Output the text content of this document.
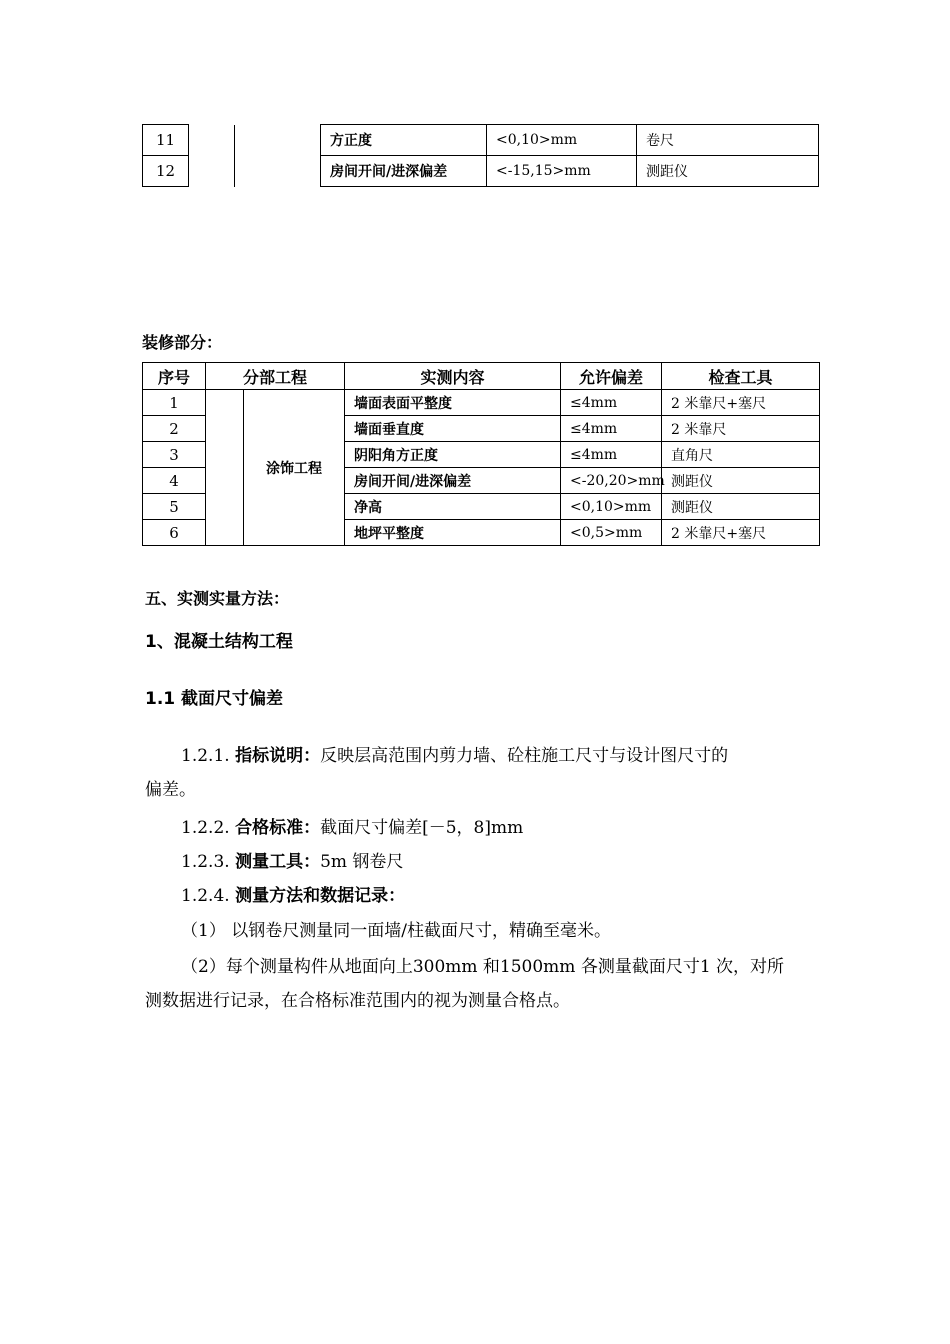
11			方正度	<0,10>mm	卷尺
12			房间开间/进深偏差	<-15,15>mm	测距仪
装修部分：
序号	分部工程		实测内容	允许偏差	检查工具
1		涂饰工程	墙面表面平整度	≤4mm	2 米靠尺+塞尺
2			墙面垂直度	≤4mm	2 米靠尺
3			阴阳角方正度	≤4mm	直角尺
4			房间开间/进深偏差	<-20,20>mm	测距仪
5			净高	<0,10>mm	测距仪
6			地坪平整度	<0,5>mm	2 米靠尺+塞尺
五、实测实量方法：
1、混凝土结构工程
1.1 截面尺寸偏差
1.2.1. 指标说明：反映层高范围内剪力墙、砼柱施工尺寸与设计图尺寸的
偏差。
1.2.2. 合格标准：截面尺寸偏差[－5，8]mm
1.2.3. 测量工具：5m 钢卷尺
1.2.4. 测量方法和数据记录：
（1） 以钢卷尺测量同一面墙/柱截面尺寸，精确至毫米。
（2）每个测量构件从地面向上300mm 和1500mm 各测量截面尺寸1 次，对所
测数据进行记录，在合格标准范围内的视为测量合格点。
